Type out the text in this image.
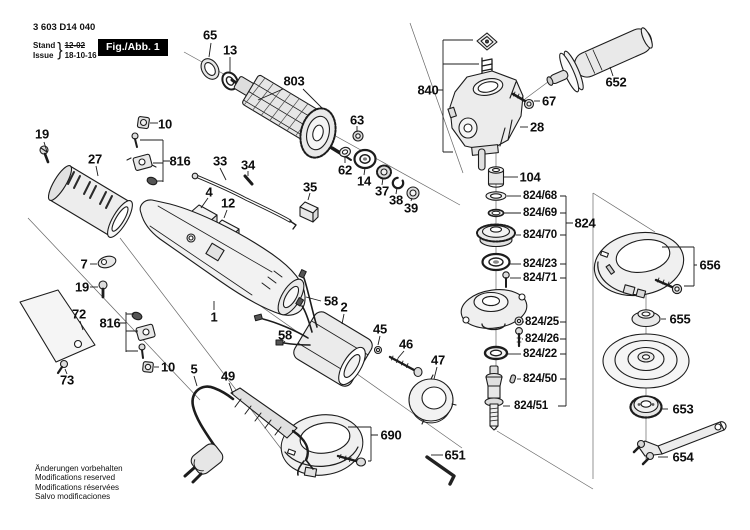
3 603 D14 040
Stand
Issue } 12-02
18-10-16
Fig./Abb. 1
Änderungen vorbehalten
Modifications reserved
Modifications réservées
Salvo modificaciones
65
13
803
840
67
28
652
10
816
19
27	33 34
4
12
35
63
62
14
37
38
39
104
824/68
824/69
824/70
824/23
824/71
824
824/25
824/26
824/22
824/50
824/51
656
655
653
654
7
19
72
816
73
10
1
58 2
58	45
46
47
5 49
690
651
